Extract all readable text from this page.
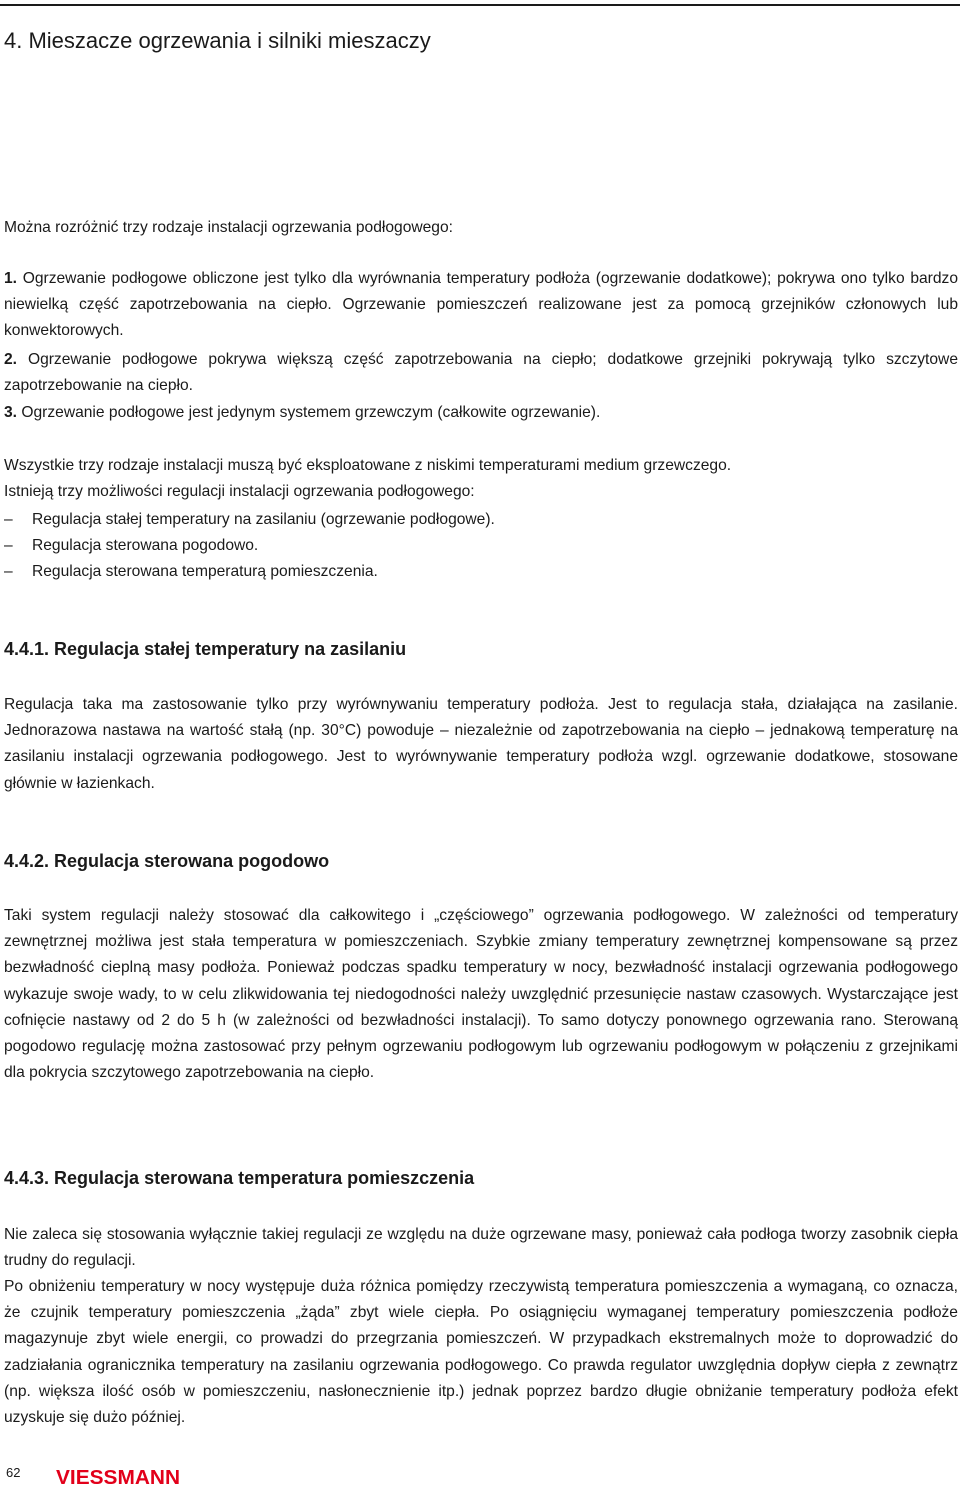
4. Mieszacze ogrzewania i silniki mieszaczy

Można rozróżnić trzy rodzaje instalacji ogrzewania podłogowego:

1. Ogrzewanie podłogowe obliczone jest tylko dla wyrównania temperatury podłoża (ogrzewanie dodatkowe); pokrywa ono tylko bardzo niewielką część zapotrzebowania na ciepło. Ogrzewanie pomieszczeń realizowane jest za pomocą grzejników członowych lub konwektorowych.

2. Ogrzewanie podłogowe pokrywa większą część zapotrzebowania na ciepło; dodatkowe grzejniki pokrywają tylko szczytowe zapotrzebowanie na ciepło.

3. Ogrzewanie podłogowe jest jedynym systemem grzewczym (całkowite ogrzewanie).

Wszystkie trzy rodzaje instalacji muszą być eksploatowane z niskimi temperaturami medium grzewczego.

Istnieją trzy możliwości regulacji instalacji ogrzewania podłogowego:

– Regulacja stałej temperatury na zasilaniu (ogrzewanie podłogowe).
– Regulacja sterowana pogodowo.
– Regulacja sterowana temperaturą pomieszczenia.
4.4.1. Regulacja stałej temperatury na zasilaniu

Regulacja taka ma zastosowanie tylko przy wyrównywaniu temperatury podłoża. Jest to regulacja stała, działająca na zasilanie. Jednorazowa nastawa na wartość stałą (np. 30°C) powoduje – niezależnie od zapotrzebowania na ciepło – jednakową temperaturę na zasilaniu instalacji ogrzewania podłogowego. Jest to wyrównywanie temperatury podłoża wzgl. ogrzewanie dodatkowe, stosowane głównie w łazienkach.

4.4.2. Regulacja sterowana pogodowo

Taki system regulacji należy stosować dla całkowitego i „częściowego” ogrzewania podłogowego. W zależności od temperatury zewnętrznej możliwa jest stała temperatura w pomieszczeniach. Szybkie zmiany temperatury zewnętrznej kompensowane są przez bezwładność cieplną masy podłoża. Ponieważ podczas spadku temperatury w nocy, bezwładność instalacji ogrzewania podłogowego wykazuje swoje wady, to w celu zlikwidowania tej niedogodności należy uwzględnić przesunięcie nastaw czasowych. Wystarczające jest cofnięcie nastawy od 2 do 5 h (w zależności od bezwładności instalacji). To samo dotyczy ponownego ogrzewania rano. Sterowaną pogodowo regulację można zastosować przy pełnym ogrzewaniu podłogowym lub ogrzewaniu podłogowym w połączeniu z grzejnikami dla pokrycia szczytowego zapotrzebowania na ciepło.

4.4.3. Regulacja sterowana temperatura pomieszczenia

Nie zaleca się stosowania wyłącznie takiej regulacji ze względu na duże ogrzewane masy, ponieważ cała podłoga tworzy zasobnik ciepła trudny do regulacji.

Po obniżeniu temperatury w nocy występuje duża różnica pomiędzy rzeczywistą temperatura pomieszczenia a wymaganą, co oznacza, że czujnik temperatury pomieszczenia „żąda” zbyt wiele ciepła. Po osiągnięciu wymaganej temperatury pomieszczenia podłoże magazynuje zbyt wiele energii, co prowadzi do przegrzania pomieszczeń. W przypadkach ekstremalnych może to doprowadzić do zadziałania ogranicznika temperatury na zasilaniu ogrzewania podłogowego. Co prawda regulator uwzględnia dopływ ciepła z zewnątrz (np. większa ilość osób w pomieszczeniu, nasłonecznienie itp.) jednak poprzez bardzo długie obniżanie temperatury podłoża efekt uzyskuje się dużo później.

62 VIESSMANN
